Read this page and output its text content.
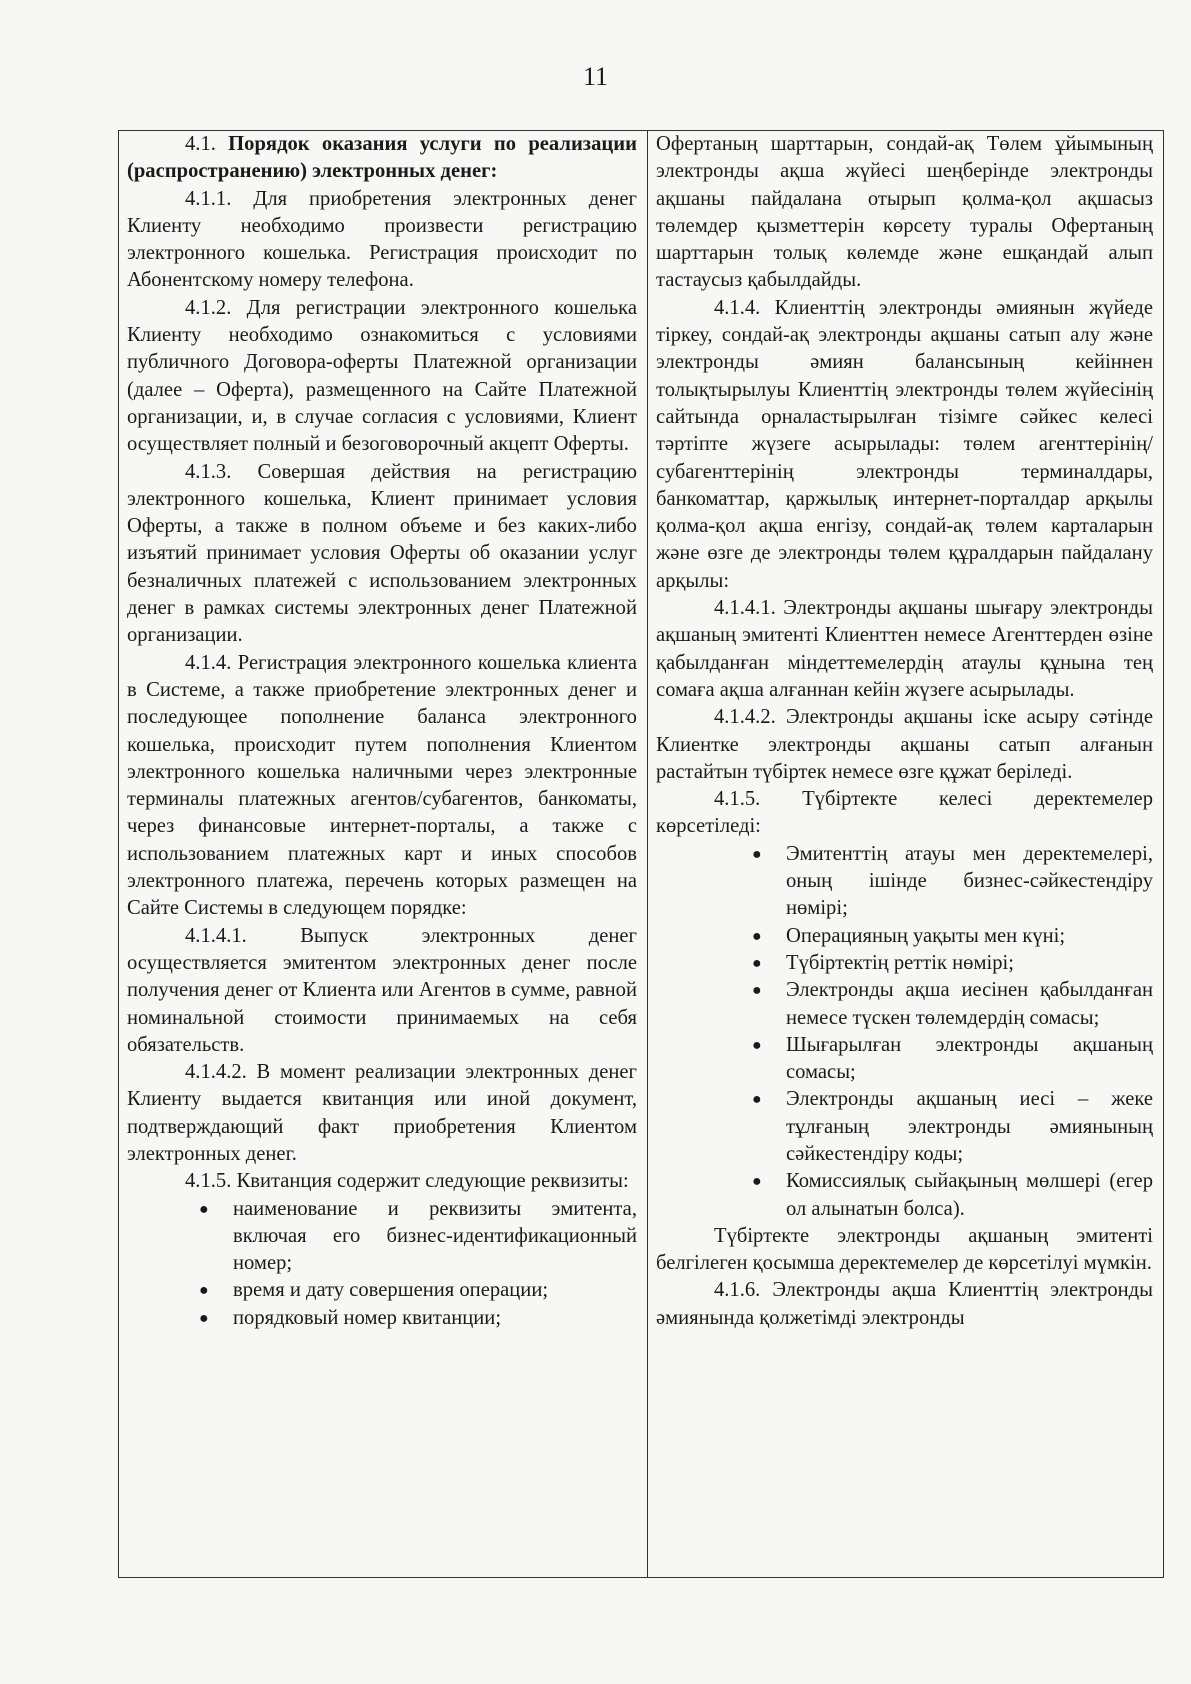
11

4.1. Порядок оказания услуги по реализации (распространению) электронных денег:

4.1.1. Для приобретения электронных денег Клиенту необходимо произвести регистрацию электронного кошелька. Регистрация происходит по Абонентскому номеру телефона.

4.1.2. Для регистрации электронного кошелька Клиенту необходимо ознакомиться с условиями публичного Договора-оферты Платежной организации (далее – Оферта), размещенного на Сайте Платежной организации, и, в случае согласия с условиями, Клиент осуществляет полный и безоговорочный акцепт Оферты.

4.1.3. Совершая действия на регистрацию электронного кошелька, Клиент принимает условия Оферты, а также в полном объеме и без каких-либо изъятий принимает условия Оферты об оказании услуг безналичных платежей с использованием электронных денег в рамках системы электронных денег Платежной организации.

4.1.4. Регистрация электронного кошелька клиента в Системе, а также приобретение электронных денег и последующее пополнение баланса электронного кошелька, происходит путем пополнения Клиентом электронного кошелька наличными через электронные терминалы платежных агентов/субагентов, банкоматы, через финансовые интернет-порталы, а также с использованием платежных карт и иных способов электронного платежа, перечень которых размещен на Сайте Системы в следующем порядке:

4.1.4.1. Выпуск электронных денег осуществляется эмитентом электронных денег после получения денег от Клиента или Агентов в сумме, равной номинальной стоимости принимаемых на себя обязательств.

4.1.4.2. В момент реализации электронных денег Клиенту выдается квитанция или иной документ, подтверждающий факт приобретения Клиентом электронных денег.

4.1.5. Квитанция содержит следующие реквизиты:

● наименование и реквизиты эмитента, включая его бизнес-идентификационный номер;
● время и дату совершения операции;
● порядковый номер квитанции;

Офертаның шарттарын, сондай-ақ Төлем ұйымының электронды ақша жүйесі шеңберінде электронды ақшаны пайдалана отырып қолма-қол ақшасыз төлемдер қызметтерін көрсету туралы Офертаның шарттарын толық көлемде және ешқандай алып тастаусыз қабылдайды.

4.1.4. Клиенттің электронды әмиянын жүйеде тіркеу, сондай-ақ электронды ақшаны сатып алу және электронды әмиян балансының кейіннен толықтырылуы Клиенттің электронды төлем жүйесінің сайтында орналастырылған тізімге сәйкес келесі тәртіпте жүзеге асырылады: төлем агенттерінің/субагенттерінің электронды терминалдары, банкоматтар, қаржылық интернет-порталдар арқылы қолма-қол ақша енгізу, сондай-ақ төлем карталарын және өзге де электронды төлем құралдарын пайдалану арқылы:

4.1.4.1. Электронды ақшаны шығару электронды ақшаның эмитенті Клиенттен немесе Агенттерден өзіне қабылданған міндеттемелердің атаулы құнына тең сомаға ақша алғаннан кейін жүзеге асырылады.

4.1.4.2. Электронды ақшаны іске асыру сәтінде Клиентке электронды ақшаны сатып алғанын растайтын түбіртек немесе өзге құжат беріледі.

4.1.5. Түбіртекте келесі деректемелер көрсетіледі:

● Эмитенттің атауы мен деректемелері, оның ішінде бизнес-сәйкестендіру нөмірі;
● Операцияның уақыты мен күні;
● Түбіртектің реттік нөмірі;
● Электронды ақша иесінен қабылданған немесе түскен төлемдердің сомасы;
● Шығарылған электронды ақшаның сомасы;
● Электронды ақшаның иесі – жеке тұлғаның электронды әмиянының сәйкестендіру коды;
● Комиссиялық сыйақының мөлшері (егер ол алынатын болса).

Түбіртекте электронды ақшаның эмитенті белгілеген қосымша деректемелер де көрсетілуі мүмкін.

4.1.6. Электронды ақша Клиенттің электронды әмиянында қолжетімді электронды
